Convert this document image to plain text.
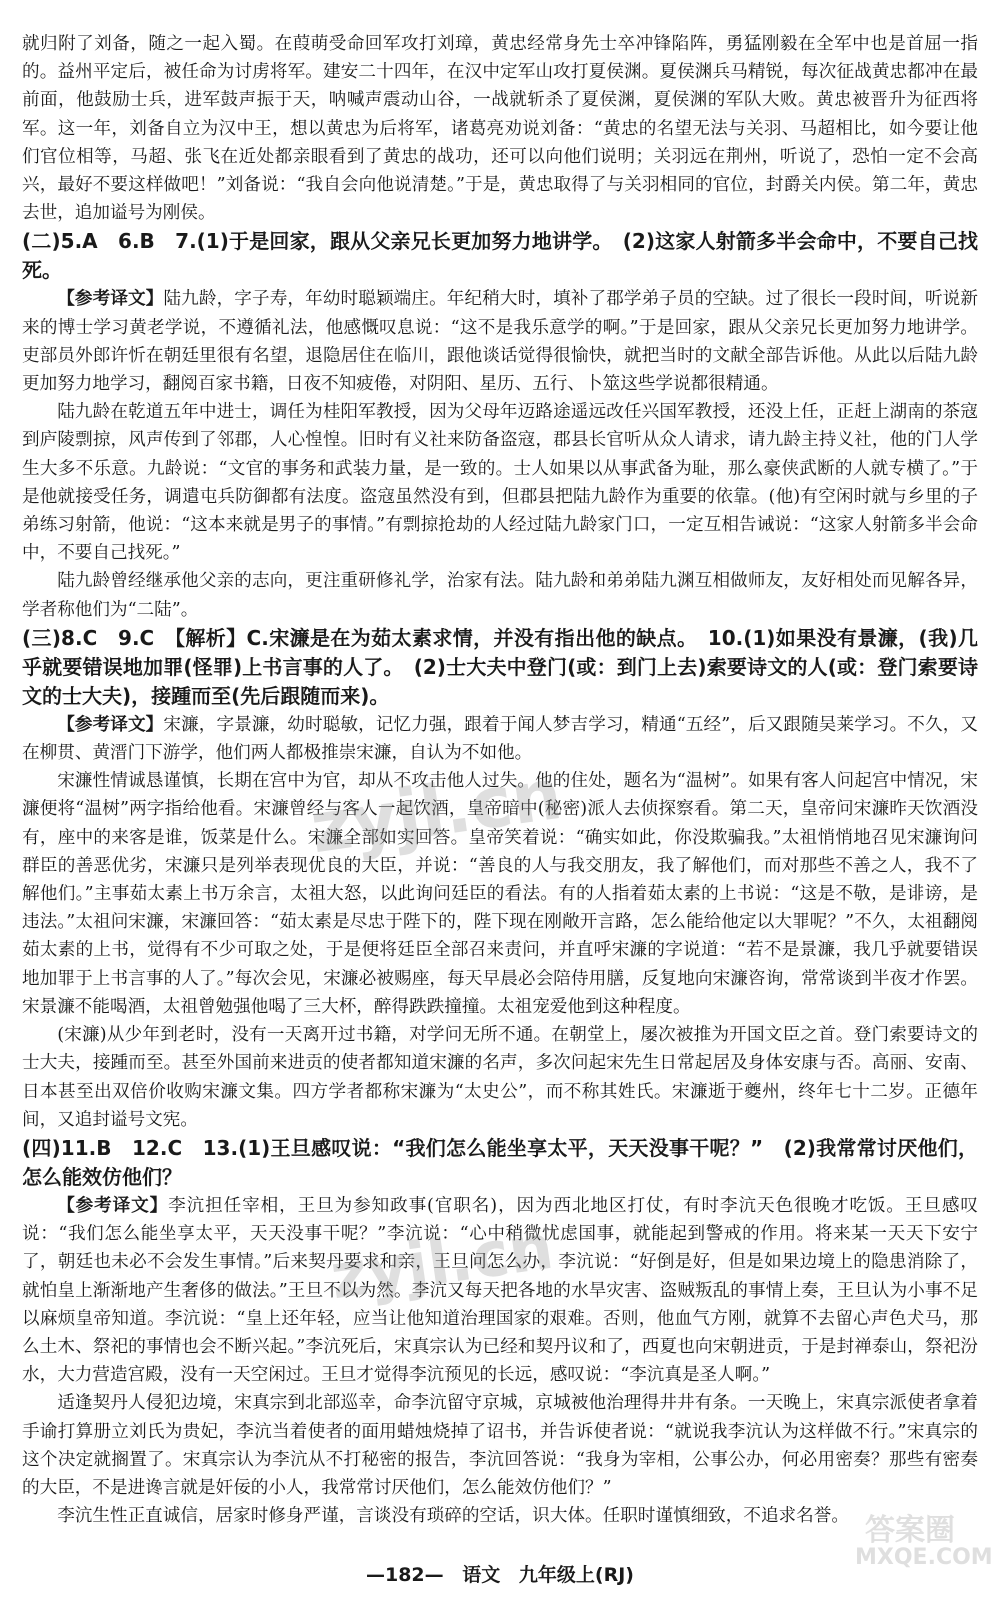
就归附了刘备，随之一起入蜀。在葭萌受命回军攻打刘璋，黄忠经常身先士卒冲锋陷阵，勇猛刚毅在全军中也是首屈一指的。益州平定后，被任命为讨虏将军。建安二十四年，在汉中定军山攻打夏侯渊。夏侯渊兵马精锐，每次征战黄忠都冲在最前面，他鼓励士兵，进军鼓声振于天，呐喊声震动山谷，一战就斩杀了夏侯渊，夏侯渊的军队大败。黄忠被晋升为征西将军。这一年，刘备自立为汉中王，想以黄忠为后将军，诸葛亮劝说刘备：“黄忠的名望无法与关羽、马超相比，如今要让他们官位相等，马超、张飞在近处都亲眼看到了黄忠的战功，还可以向他们说明；关羽远在荆州，听说了，恐怕一定不会高兴，最好不要这样做吧！”刘备说：“我自会向他说清楚。”于是，黄忠取得了与关羽相同的官位，封爵关内侯。第二年，黄忠去世，追加谥号为刚侯。

(二)5.A　6.B　7.(1)于是回家，跟从父亲兄长更加努力地讲学。　(2)这家人射箭多半会命中，不要自己找死。

【参考译文】陆九龄，字子寿，年幼时聪颖端庄。年纪稍大时，填补了郡学弟子员的空缺。过了很长一段时间，听说新来的博士学习黄老学说，不遵循礼法，他感慨叹息说：“这不是我乐意学的啊。”于是回家，跟从父亲兄长更加努力地讲学。吏部员外郎许忻在朝廷里很有名望，退隐居住在临川，跟他谈话觉得很愉快，就把当时的文献全部告诉他。从此以后陆九龄更加努力地学习，翻阅百家书籍，日夜不知疲倦，对阴阳、星历、五行、卜筮这些学说都很精通。

陆九龄在乾道五年中进士，调任为桂阳军教授，因为父母年迈路途遥远改任兴国军教授，还没上任，正赶上湖南的茶寇到庐陵剽掠，风声传到了邻郡，人心惶惶。旧时有义社来防备盗寇，郡县长官听从众人请求，请九龄主持义社，他的门人学生大多不乐意。九龄说：“文官的事务和武装力量，是一致的。士人如果以从事武备为耻，那么豪侠武断的人就专横了。”于是他就接受任务，调遣屯兵防御都有法度。盗寇虽然没有到，但郡县把陆九龄作为重要的依靠。(他)有空闲时就与乡里的子弟练习射箭，他说：“这本来就是男子的事情。”有剽掠抢劫的人经过陆九龄家门口，一定互相告诫说：“这家人射箭多半会命中，不要自己找死。”

陆九龄曾经继承他父亲的志向，更注重研修礼学，治家有法。陆九龄和弟弟陆九渊互相做师友，友好相处而见解各异，学者称他们为“二陆”。

(三)8.C　9.C　【解析】C.宋濂是在为茹太素求情，并没有指出他的缺点。　10.(1)如果没有景濂，(我)几乎就要错误地加罪(怪罪)上书言事的人了。　(2)士大夫中登门(或：到门上去)索要诗文的人(或：登门索要诗文的士大夫)，接踵而至(先后跟随而来)。

【参考译文】宋濂，字景濂，幼时聪敏，记忆力强，跟着于闻人梦吉学习，精通“五经”，后又跟随吴莱学习。不久，又在柳贯、黄溍门下游学，他们两人都极推崇宋濂，自认为不如他。

宋濂性情诚恳谨慎，长期在宫中为官，却从不攻击他人过失。他的住处，题名为“温树”。如果有客人问起宫中情况，宋濂便将“温树”两字指给他看。宋濂曾经与客人一起饮酒，皇帝暗中(秘密)派人去侦探察看。第二天，皇帝问宋濂昨天饮酒没有，座中的来客是谁，饭菜是什么。宋濂全部如实回答。皇帝笑着说：“确实如此，你没欺骗我。”太祖悄悄地召见宋濂询问群臣的善恶优劣，宋濂只是列举表现优良的大臣，并说：“善良的人与我交朋友，我了解他们，而对那些不善之人，我不了解他们。”主事茹太素上书万余言，太祖大怒，以此询问廷臣的看法。有的人指着茹太素的上书说：“这是不敬，是诽谤，是违法。”太祖问宋濂，宋濂回答：“茹太素是尽忠于陛下的，陛下现在刚敞开言路，怎么能给他定以大罪呢？”不久，太祖翻阅茹太素的上书，觉得有不少可取之处，于是便将廷臣全部召来责问，并直呼宋濂的字说道：“若不是景濂，我几乎就要错误地加罪于上书言事的人了。”每次会见，宋濂必被赐座，每天早晨必会陪侍用膳，反复地向宋濂咨询，常常谈到半夜才作罢。宋景濂不能喝酒，太祖曾勉强他喝了三大杯，醉得跌跌撞撞。太祖宠爱他到这种程度。

(宋濂)从少年到老时，没有一天离开过书籍，对学问无所不通。在朝堂上，屡次被推为开国文臣之首。登门索要诗文的士大夫，接踵而至。甚至外国前来进贡的使者都知道宋濂的名声，多次问起宋先生日常起居及身体安康与否。高丽、安南、日本甚至出双倍价收购宋濂文集。四方学者都称宋濂为“太史公”，而不称其姓氏。宋濂逝于夔州，终年七十二岁。正德年间，又追封谥号文宪。

(四)11.B　12.C　13.(1)王旦感叹说：“我们怎么能坐享太平，天天没事干呢？”　(2)我常常讨厌他们，怎么能效仿他们？

【参考译文】李沆担任宰相，王旦为参知政事(官职名)，因为西北地区打仗，有时李沆天色很晚才吃饭。王旦感叹说：“我们怎么能坐享太平，天天没事干呢？”李沆说：“心中稍微忧虑国事，就能起到警戒的作用。将来某一天天下安宁了，朝廷也未必不会发生事情。”后来契丹要求和亲，王旦问怎么办，李沆说：“好倒是好，但是如果边境上的隐患消除了，就怕皇上渐渐地产生奢侈的做法。”王旦不以为然。李沆又每天把各地的水旱灾害、盗贼叛乱的事情上奏，王旦认为小事不足以麻烦皇帝知道。李沆说：“皇上还年轻，应当让他知道治理国家的艰难。否则，他血气方刚，就算不去留心声色犬马，那么土木、祭祀的事情也会不断兴起。”李沆死后，宋真宗认为已经和契丹议和了，西夏也向宋朝进贡，于是封禅泰山，祭祀汾水，大力营造宫殿，没有一天空闲过。王旦才觉得李沆预见的长远，感叹说：“李沆真是圣人啊。”

适逢契丹人侵犯边境，宋真宗到北部巡幸，命李沆留守京城，京城被他治理得井井有条。一天晚上，宋真宗派使者拿着手谕打算册立刘氏为贵妃，李沆当着使者的面用蜡烛烧掉了诏书，并告诉使者说：“就说我李沆认为这样做不行。”宋真宗的这个决定就搁置了。宋真宗认为李沆从不打秘密的报告，李沆回答说：“我身为宰相，公事公办，何必用密奏？那些有密奏的大臣，不是进谗言就是奸佞的小人，我常常讨厌他们，怎么能效仿他们？”

李沆生性正直诚信，居家时修身严谨，言谈没有琐碎的空话，识大体。任职时谨慎细致，不追求名誉。

zyjl.cn
zyjl.cn
答案圈
MXQE.COM
—182— 语文 九年级上(RJ)
